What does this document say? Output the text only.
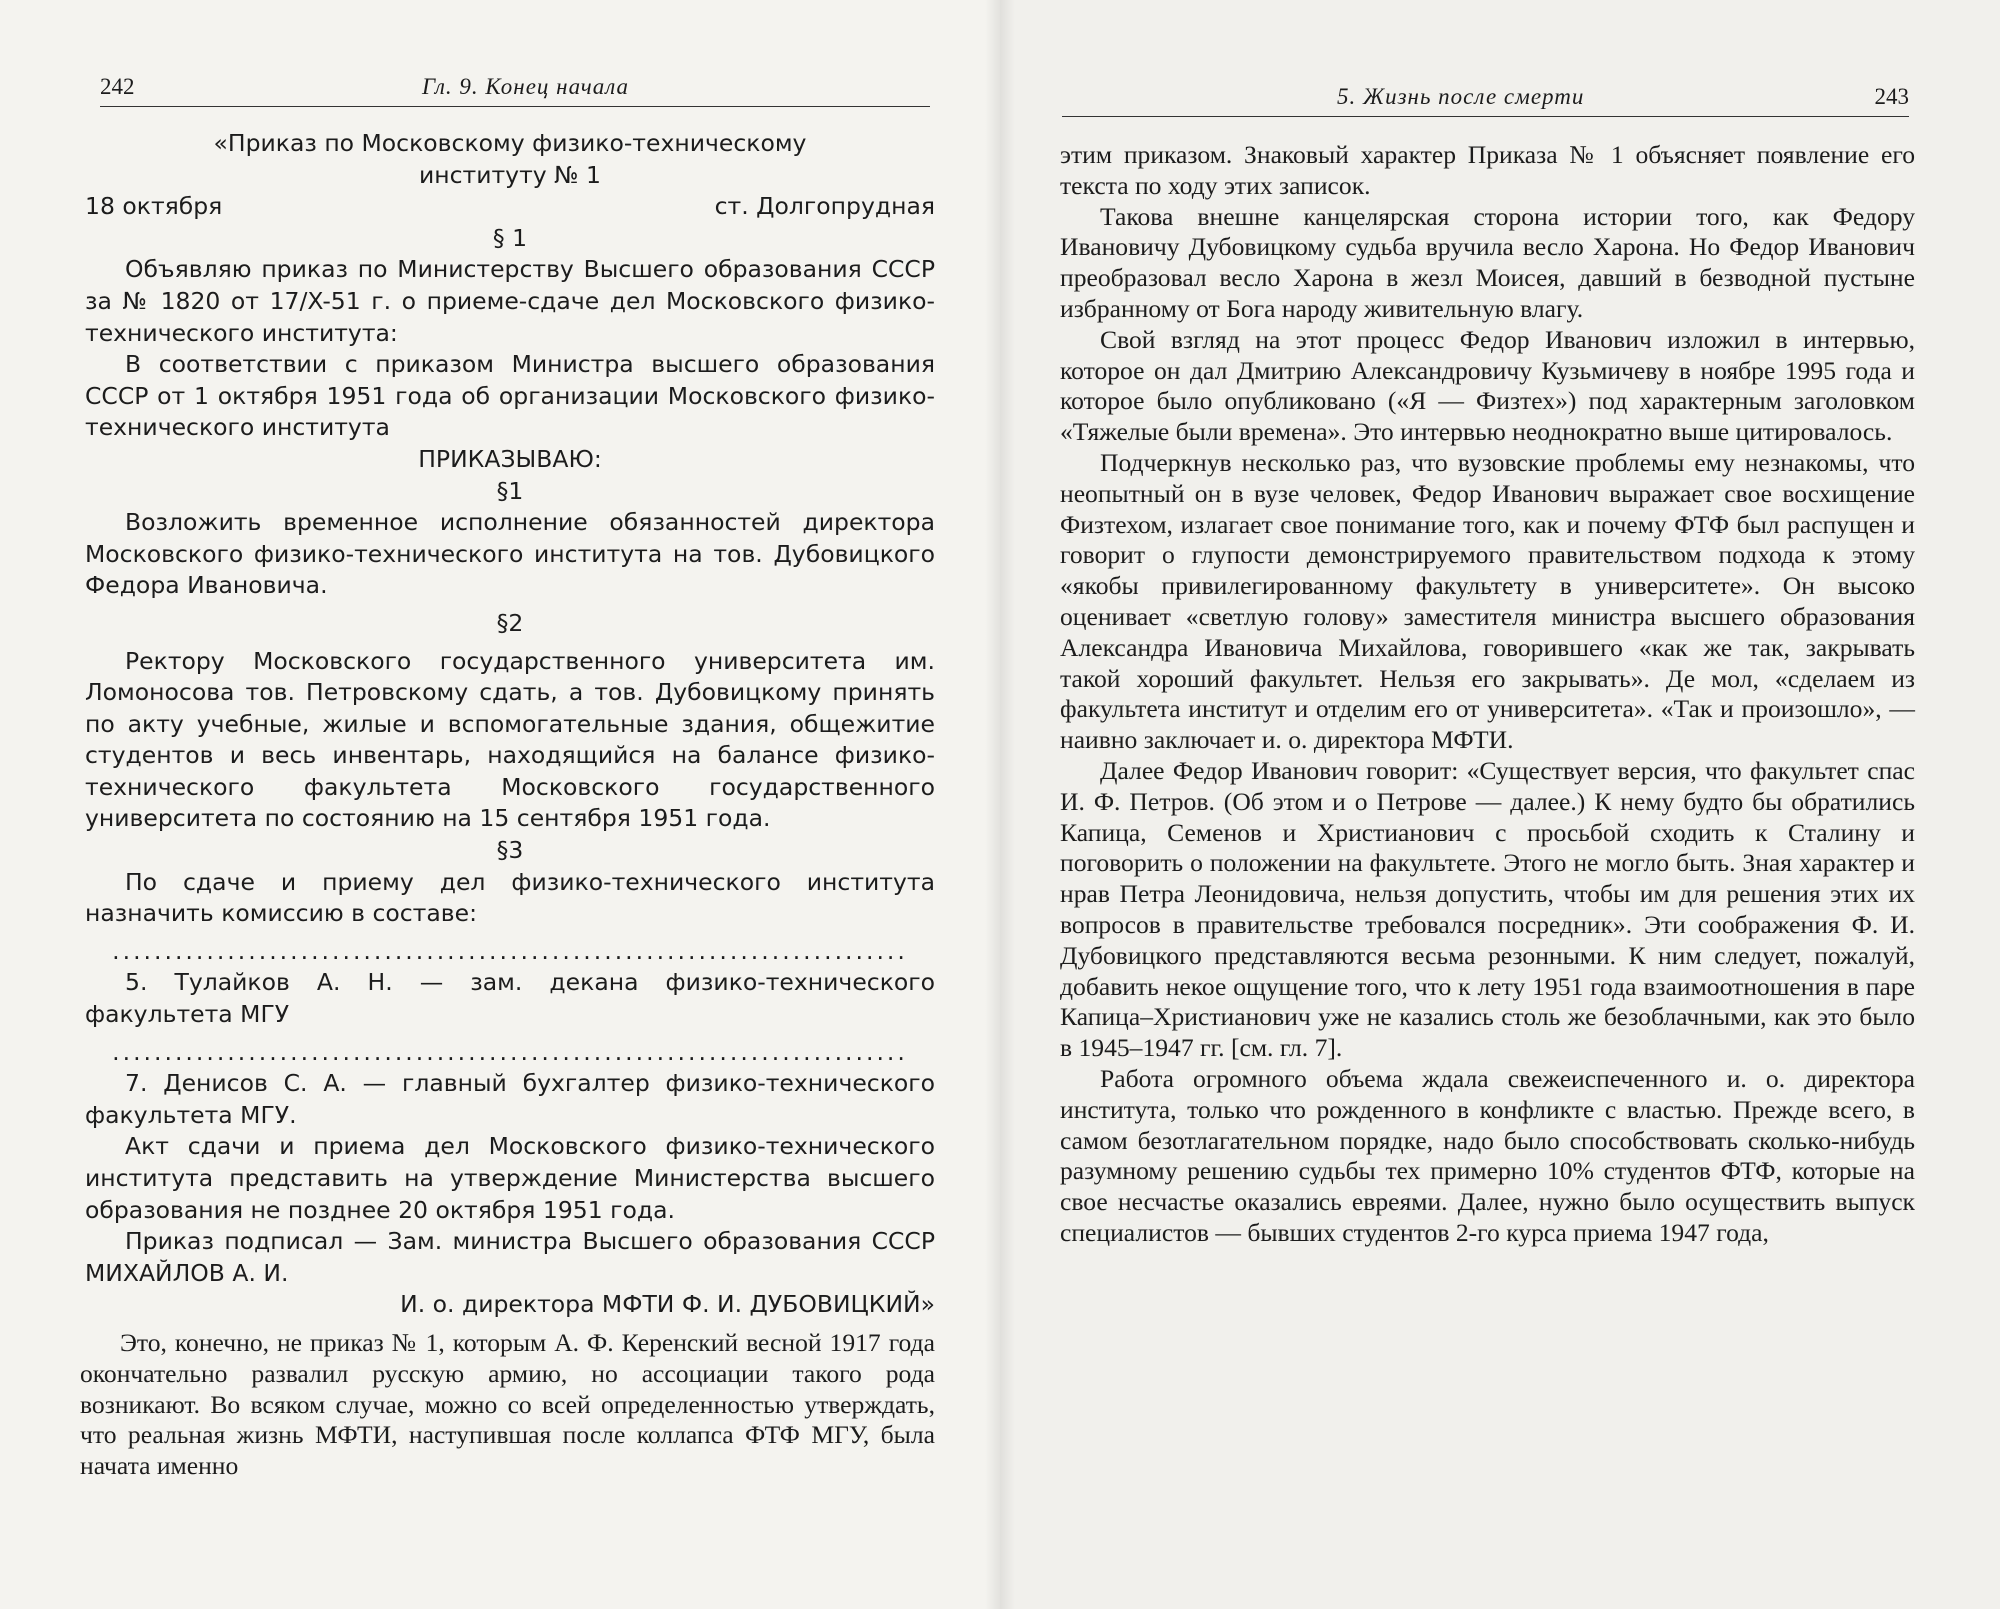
242	Гл. 9. Конец начала

«Приказ по Московскому физико-техническому

институту № 1

18 октября	ст. Долгопрудная

§ 1

Объявляю приказ по Министерству Высшего образования СССР за № 1820 от 17/X-51 г. о приеме-сдаче дел Московского физико-технического института:

В соответствии с приказом Министра высшего образования СССР от 1 октября 1951 года об организации Московского физико-технического института

ПРИКАЗЫВАЮ:

§1

Возложить временное исполнение обязанностей директора Московского физико-технического института на тов. Дубовицкого Федора Ивановича.

§2

Ректору Московского государственного университета им. Ломоносова тов. Петровскому сдать, а тов. Дубовицкому принять по акту учебные, жилые и вспомогательные здания, общежитие студентов и весь инвентарь, находящийся на балансе физико-технического факультета Московского государственного университета по состоянию на 15 сентября 1951 года.

§3

По сдаче и приему дел физико-технического института назначить комиссию в составе:

............................................................................

5. Тулайков А. Н. — зам. декана физико-технического факультета МГУ

............................................................................

7. Денисов С. А. — главный бухгалтер физико-технического факультета МГУ.

Акт сдачи и приема дел Московского физико-технического института представить на утверждение Министерства высшего образования не позднее 20 октября 1951 года.

Приказ подписал — Зам. министра Высшего образования СССР МИХАЙЛОВ А. И.

И. о. директора МФТИ Ф. И. ДУБОВИЦКИЙ»

Это, конечно, не приказ № 1, которым А. Ф. Керенский весной 1917 года окончательно развалил русскую армию, но ассоциации такого рода возникают. Во всяком случае, можно со всей определенностью утверждать, что реальная жизнь МФТИ, наступившая после коллапса ФТФ МГУ, была начата именно

5. Жизнь после смерти	243

этим приказом. Знаковый характер Приказа № 1 объясняет появление его текста по ходу этих записок.

Такова внешне канцелярская сторона истории того, как Федору Ивановичу Дубовицкому судьба вручила весло Харона. Но Федор Иванович преобразовал весло Харона в жезл Моисея, давший в безводной пустыне избранному от Бога народу живительную влагу.

Свой взгляд на этот процесс Федор Иванович изложил в интервью, которое он дал Дмитрию Александровичу Кузьмичеву в ноябре 1995 года и которое было опубликовано («Я — Физтех») под характерным заголовком «Тяжелые были времена». Это интервью неоднократно выше цитировалось.

Подчеркнув несколько раз, что вузовские проблемы ему незнакомы, что неопытный он в вузе человек, Федор Иванович выражает свое восхищение Физтехом, излагает свое понимание того, как и почему ФТФ был распущен и говорит о глупости демонстрируемого правительством подхода к этому «якобы привилегированному факультету в университете». Он высоко оценивает «светлую голову» заместителя министра высшего образования Александра Ивановича Михайлова, говорившего «как же так, закрывать такой хороший факультет. Нельзя его закрывать». Де мол, «сделаем из факультета институт и отделим его от университета». «Так и произошло», — наивно заключает и. о. директора МФТИ.

Далее Федор Иванович говорит: «Существует версия, что факультет спас И. Ф. Петров. (Об этом и о Петрове — далее.) К нему будто бы обратились Капица, Семенов и Христианович с просьбой сходить к Сталину и поговорить о положении на факультете. Этого не могло быть. Зная характер и нрав Петра Леонидовича, нельзя допустить, чтобы им для решения этих их вопросов в правительстве требовался посредник». Эти соображения Ф. И. Дубовицкого представляются весьма резонными. К ним следует, пожалуй, добавить некое ощущение того, что к лету 1951 года взаимоотношения в паре Капица–Христианович уже не казались столь же безоблачными, как это было в 1945–1947 гг. [см. гл. 7].

Работа огромного объема ждала свежеиспеченного и. о. директора института, только что рожденного в конфликте с властью. Прежде всего, в самом безотлагательном порядке, надо было способствовать сколько-нибудь разумному решению судьбы тех примерно 10% студентов ФТФ, которые на свое несчастье оказались евреями. Далее, нужно было осуществить выпуск специалистов — бывших студентов 2-го курса приема 1947 года,
